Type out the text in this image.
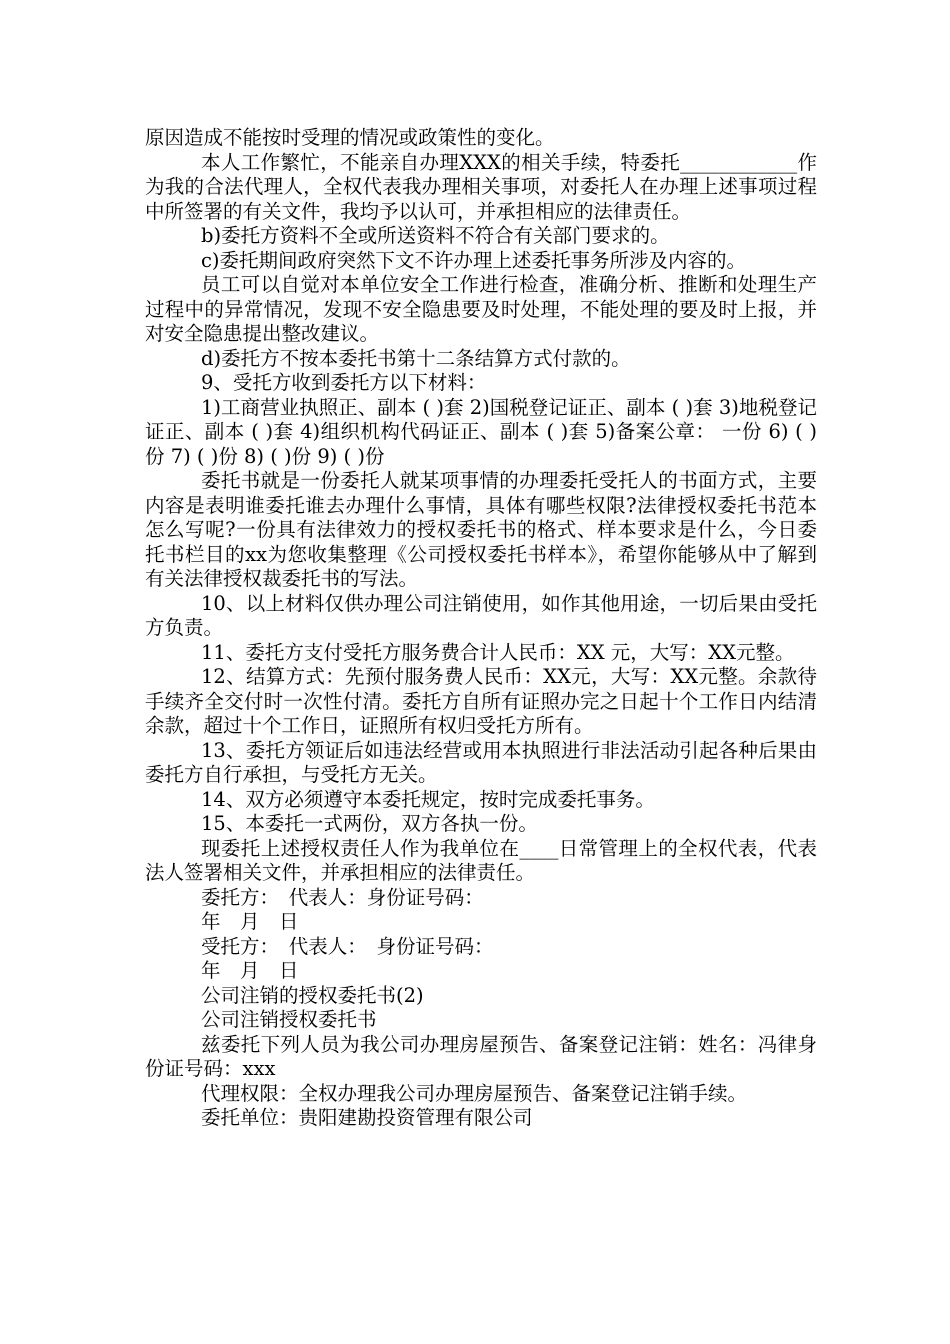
原因造成不能按时受理的情况或政策性的变化。

本人工作繁忙，不能亲自办理XXX的相关手续，特委托____________作为我的合法代理人，全权代表我办理相关事项，对委托人在办理上述事项过程中所签署的有关文件，我均予以认可，并承担相应的法律责任。

b)委托方资料不全或所送资料不符合有关部门要求的。

c)委托期间政府突然下文不许办理上述委托事务所涉及内容的。

员工可以自觉对本单位安全工作进行检查，准确分析、推断和处理生产过程中的异常情况，发现不安全隐患要及时处理，不能处理的要及时上报，并对安全隐患提出整改建议。

d)委托方不按本委托书第十二条结算方式付款的。

9、受托方收到委托方以下材料：

1)工商营业执照正、副本 ( )套 2)国税登记证正、副本 ( )套 3)地税登记证正、副本 ( )套 4)组织机构代码证正、副本 ( )套 5)备案公章： 一份 6) ( )份 7) ( )份 8) ( )份 9) ( )份

委托书就是一份委托人就某项事情的办理委托受托人的书面方式，主要内容是表明谁委托谁去办理什么事情，具体有哪些权限?法律授权委托书范本怎么写呢?一份具有法律效力的授权委托书的格式、样本要求是什么，今日委托书栏目的xx为您收集整理《公司授权委托书样本》，希望你能够从中了解到有关法律授权裁委托书的写法。

10、以上材料仅供办理公司注销使用，如作其他用途，一切后果由受托方负责。

11、委托方支付受托方服务费合计人民币：XX 元，大写：XX元整。

12、结算方式：先预付服务费人民币：XX元，大写：XX元整。余款待手续齐全交付时一次性付清。委托方自所有证照办完之日起十个工作日内结清余款，超过十个工作日，证照所有权归受托方所有。

13、委托方领证后如违法经营或用本执照进行非法活动引起各种后果由委托方自行承担，与受托方无关。

14、双方必须遵守本委托规定，按时完成委托事务。

15、本委托一式两份，双方各执一份。

现委托上述授权责任人作为我单位在____日常管理上的全权代表，代表法人签署相关文件，并承担相应的法律责任。

委托方：　代表人：身份证号码：

年　月　日

受托方：　代表人：　身份证号码：

年　月　日

公司注销的授权委托书(2)

公司注销授权委托书

兹委托下列人员为我公司办理房屋预告、备案登记注销：姓名：冯律身份证号码：xxx

代理权限：全权办理我公司办理房屋预告、备案登记注销手续。

委托单位：贵阳建勘投资管理有限公司
